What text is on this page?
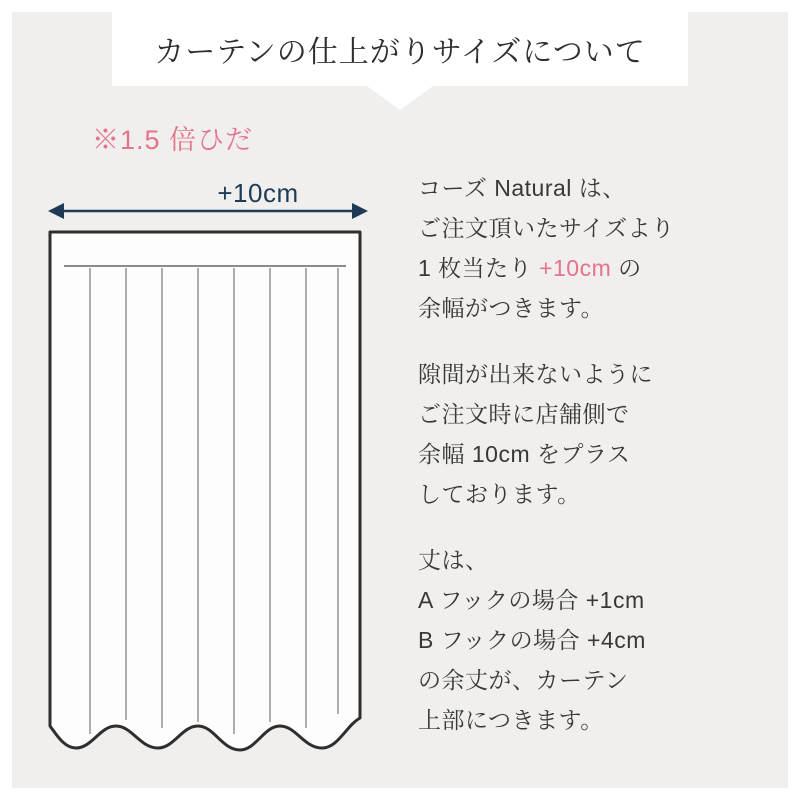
カーテンの仕上がりサイズについて
※1.5 倍ひだ
+10cm	コーズ Natural は、
ご注文頂いたサイズより
1 枚当たり +10cm の
余幅がつきます。

隙間が出来ないように
ご注文時に店舗側で
余幅 10cm をプラス
しております。

丈は、
A フックの場合 +1cm
B フックの場合 +4cm
の余丈が、カーテン
上部につきます。
